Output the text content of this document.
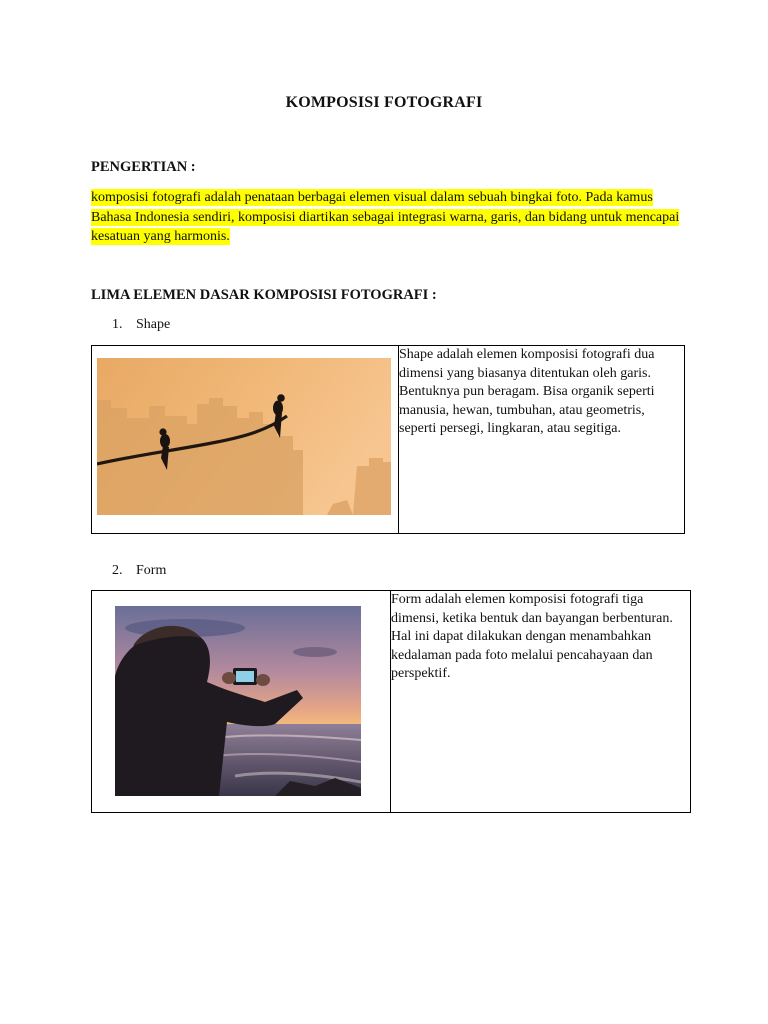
KOMPOSISI FOTOGRAFI
PENGERTIAN :
komposisi fotografi adalah penataan berbagai elemen visual dalam sebuah bingkai foto. Pada kamus Bahasa Indonesia sendiri, komposisi diartikan sebagai integrasi warna, garis, dan bidang untuk mencapai kesatuan yang harmonis.
LIMA ELEMEN DASAR KOMPOSISI FOTOGRAFI :
1. Shape
	Shape adalah elemen komposisi fotografi dua dimensi yang biasanya ditentukan oleh garis. Bentuknya pun beragam. Bisa organik seperti manusia, hewan, tumbuhan, atau geometris, seperti persegi, lingkaran, atau segitiga.
2. Form
	Form adalah elemen komposisi fotografi tiga dimensi, ketika bentuk dan bayangan berbenturan. Hal ini dapat dilakukan dengan menambahkan kedalaman pada foto melalui pencahayaan dan perspektif.
